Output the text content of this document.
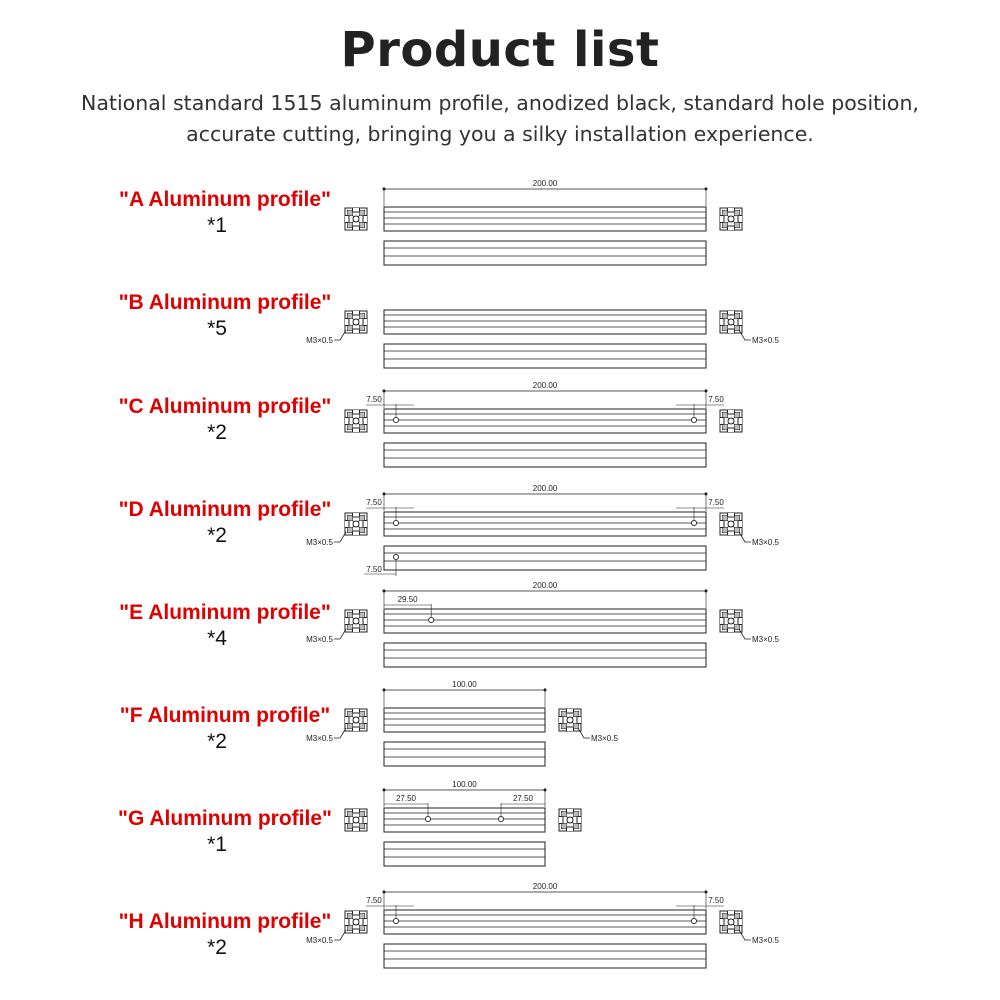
Product list
National standard 1515 aluminum profile, anodized black, standard hole position, accurate cutting, bringing you a silky installation experience.
"A Aluminum profile"
*1
"B Aluminum profile"
*5
"C Aluminum profile"
*2
"D Aluminum profile"
*2
"E Aluminum profile"
*4
"F Aluminum profile"
*2
"G Aluminum profile"
*1
"H Aluminum profile"
*2
200.00
M3×0.5	M3×0.5
200.00
7.50	7.50
200.00
7.50	7.50
7.50
M3×0.5	M3×0.5
200.00
29.50
M3×0.5	M3×0.5
100.00
M3×0.5	M3×0.5
100.00
27.50	27.50
200.00
7.50	7.50
M3×0.5	M3×0.5
